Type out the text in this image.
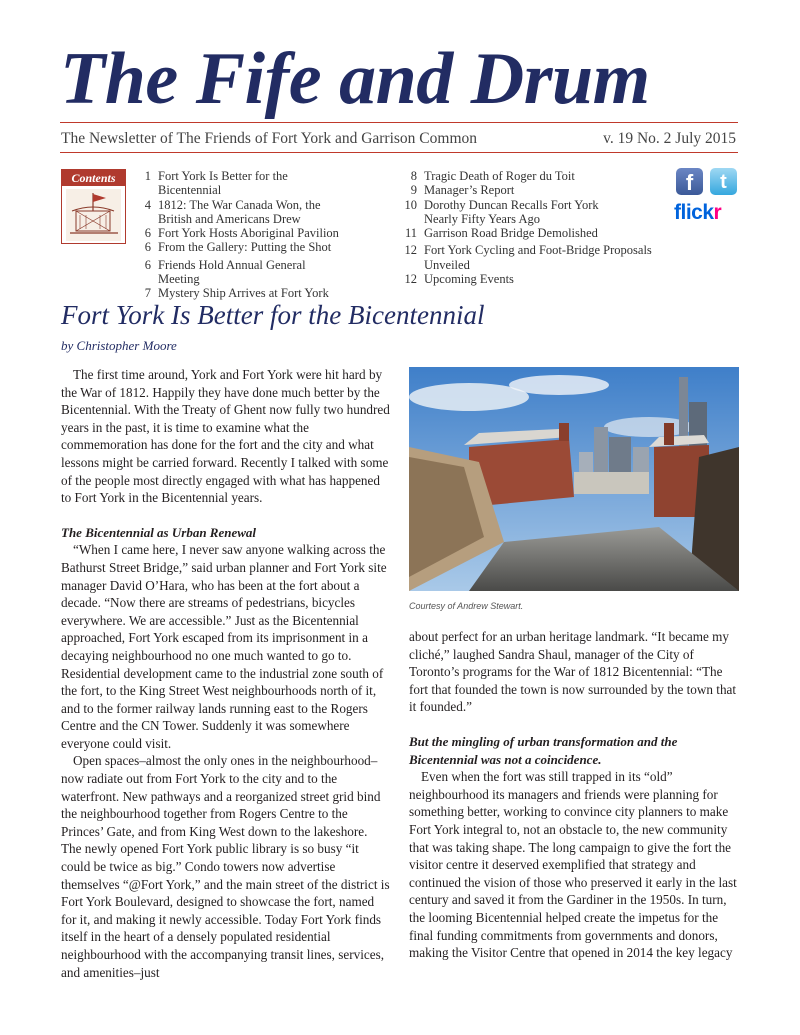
The Fife and Drum
The Newsletter of The Friends of Fort York and Garrison Common	v. 19 No. 2 July 2015
Contents	1 Fort York Is Better for the Bicentennial
4 1812: The War Canada Won, the British and Americans Drew
6 Fort York Hosts Aboriginal Pavilion
6 From the Gallery: Putting the Shot
6 Friends Hold Annual General Meeting
7 Mystery Ship Arrives at Fort York
8 Tragic Death of Roger du Toit
9 Manager’s Report
10 Dorothy Duncan Recalls Fort York Nearly Fifty Years Ago
11 Garrison Road Bridge Demolished
12 Fort York Cycling and Foot-Bridge Proposals Unveiled
12 Upcoming Events
f	t
flickr
Fort York Is Better for the Bicentennial
by Christopher Moore

The first time around, York and Fort York were hit hard by the War of 1812. Happily they have done much better by the Bicentennial. With the Treaty of Ghent now fully two hundred years in the past, it is time to examine what the commemoration has done for the fort and the city and what lessons might be carried forward. Recently I talked with some of the people most directly engaged with what has happened to Fort York in the Bicentennial years.

The Bicentennial as Urban Renewal

“When I came here, I never saw anyone walking across the Bathurst Street Bridge,” said urban planner and Fort York site manager David O’Hara, who has been at the fort about a decade. “Now there are streams of pedestrians, bicycles everywhere. We are accessible.” Just as the Bicentennial approached, Fort York escaped from its imprisonment in a decaying neighbourhood no one much wanted to go to. Residential development came to the industrial zone south of the fort, to the King Street West neighbourhoods north of it, and to the former railway lands running east to the Rogers Centre and the CN Tower. Suddenly it was somewhere everyone could visit.

Open spaces–almost the only ones in the neighbourhood–now radiate out from Fort York to the city and to the waterfront. New pathways and a reorganized street grid bind the neighbourhood together from Rogers Centre to the Princes’ Gate, and from King West down to the lakeshore. The newly opened Fort York public library is so busy “it could be twice as big.” Condo towers now advertise themselves “@Fort York,” and the main street of the district is Fort York Boulevard, designed to showcase the fort, named for it, and making it newly accessible. Today Fort York finds itself in the heart of a densely populated residential neighbourhood with the accompanying transit lines, services, and amenities–just

Courtesy of Andrew Stewart.

about perfect for an urban heritage landmark. “It became my cliché,” laughed Sandra Shaul, manager of the City of Toronto’s programs for the War of 1812 Bicentennial: “The fort that founded the town is now surrounded by the town that it founded.”

But the mingling of urban transformation and the Bicentennial was not a coincidence.

Even when the fort was still trapped in its “old” neighbourhood its managers and friends were planning for something better, working to convince city planners to make Fort York integral to, not an obstacle to, the new community that was taking shape. The long campaign to give the fort the visitor centre it deserved exemplified that strategy and continued the vision of those who preserved it early in the last century and saved it from the Gardiner in the 1950s. In turn, the looming Bicentennial helped create the impetus for the final funding commitments from governments and donors, making the Visitor Centre that opened in 2014 the key legacy
